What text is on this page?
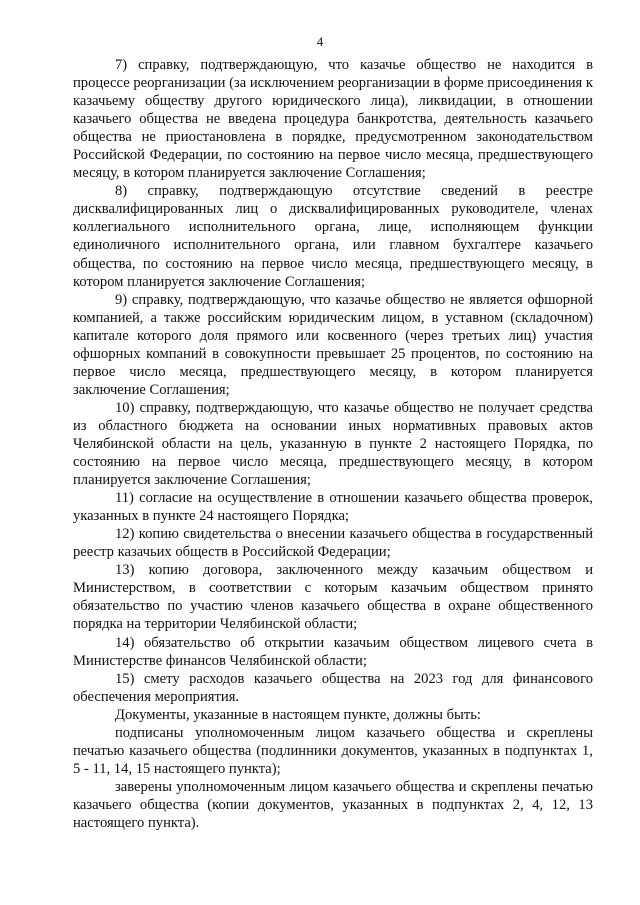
4

7) справку, подтверждающую, что казачье общество не находится в процессе реорганизации (за исключением реорганизации в форме присоединения к казачьему обществу другого юридического лица), ликвидации, в отношении казачьего общества не введена процедура банкротства, деятельность казачьего общества не приостановлена в порядке, предусмотренном законодательством Российской Федерации, по состоянию на первое число месяца, предшествующего месяцу, в котором планируется заключение Соглашения;

8) справку, подтверждающую отсутствие сведений в реестре дисквалифицированных лиц о дисквалифицированных руководителе, членах коллегиального исполнительного органа, лице, исполняющем функции единоличного исполнительного органа, или главном бухгалтере казачьего общества, по состоянию на первое число месяца, предшествующего месяцу, в котором планируется заключение Соглашения;

9) справку, подтверждающую, что казачье общество не является офшорной компанией, а также российским юридическим лицом, в уставном (складочном) капитале которого доля прямого или косвенного (через третьих лиц) участия офшорных компаний в совокупности превышает 25 процентов, по состоянию на первое число месяца, предшествующего месяцу, в котором планируется заключение Соглашения;

10) справку, подтверждающую, что казачье общество не получает средства из областного бюджета на основании иных нормативных правовых актов Челябинской области на цель, указанную в пункте 2 настоящего Порядка, по состоянию на первое число месяца, предшествующего месяцу, в котором планируется заключение Соглашения;

11) согласие на осуществление в отношении казачьего общества проверок, указанных в пункте 24 настоящего Порядка;

12) копию свидетельства о внесении казачьего общества в государственный реестр казачьих обществ в Российской Федерации;

13) копию договора, заключенного между казачьим обществом и Министерством, в соответствии с которым казачьим обществом принято обязательство по участию членов казачьего общества в охране общественного порядка на территории Челябинской области;

14) обязательство об открытии казачьим обществом лицевого счета в Министерстве финансов Челябинской области;

15) смету расходов казачьего общества на 2023 год для финансового обеспечения мероприятия.

Документы, указанные в настоящем пункте, должны быть:

подписаны уполномоченным лицом казачьего общества и скреплены печатью казачьего общества (подлинники документов, указанных в подпунктах 1, 5 - 11, 14, 15 настоящего пункта);

заверены уполномоченным лицом казачьего общества и скреплены печатью казачьего общества (копии документов, указанных в подпунктах 2, 4, 12, 13 настоящего пункта).
